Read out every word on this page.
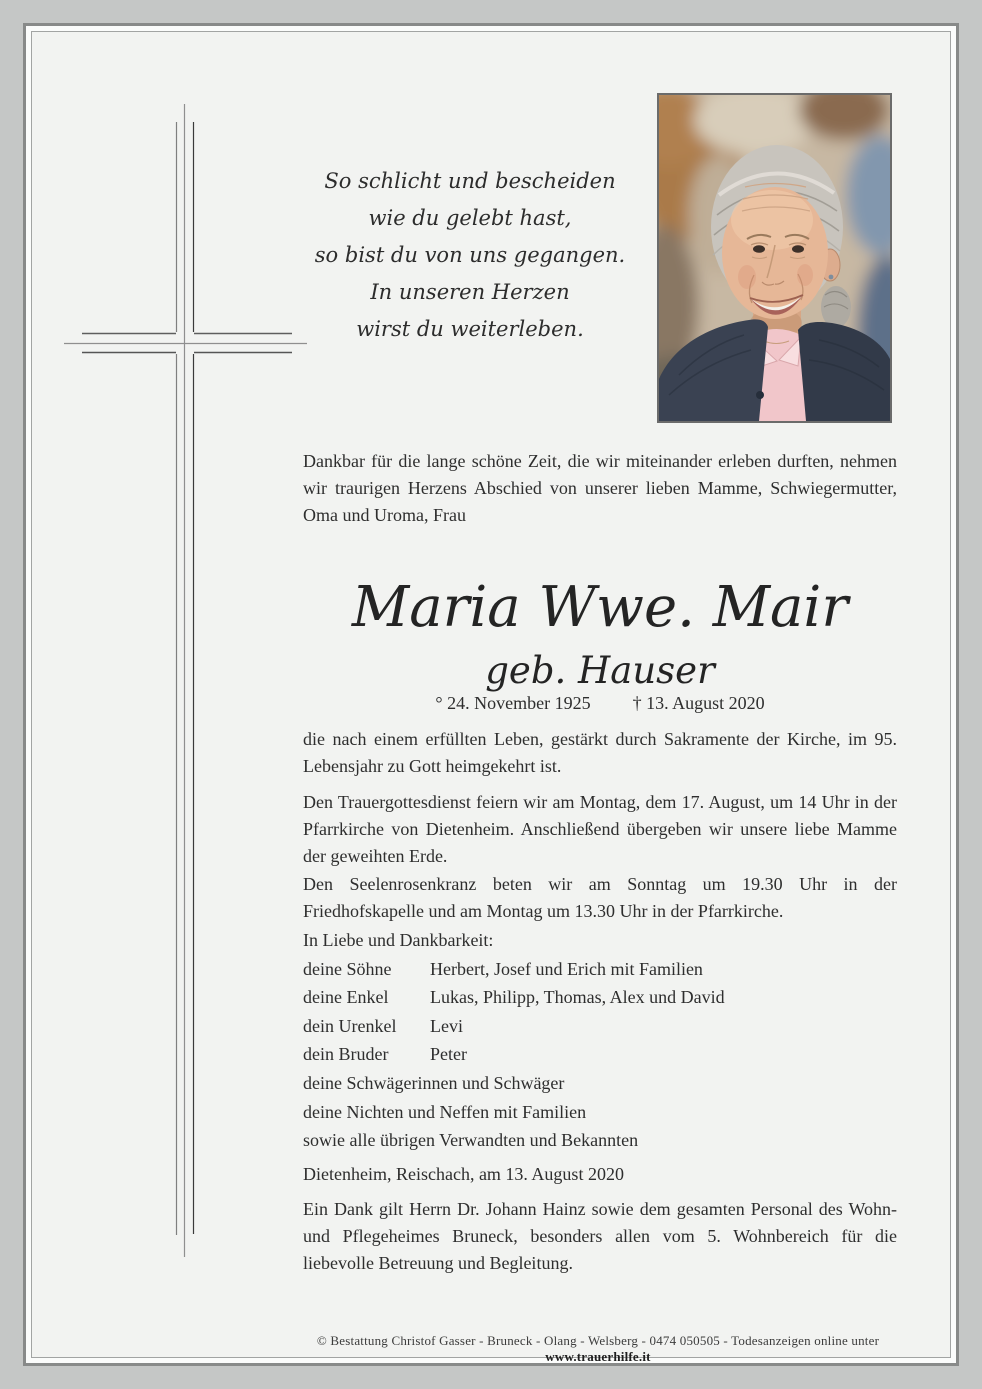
So schlicht und bescheiden
wie du gelebt hast,
so bist du von uns gegangen.
In unseren Herzen
wirst du weiterleben.
Dankbar für die lange schöne Zeit, die wir miteinander erleben durften, nehmen wir traurigen Herzens Abschied von unserer lieben Mamme, Schwiegermutter, Oma und Uroma, Frau
Maria Wwe. Mair
geb. Hauser
° 24. November 1925 † 13. August 2020
die nach einem erfüllten Leben, gestärkt durch Sakramente der Kirche, im 95. Lebensjahr zu Gott heimgekehrt ist.
Den Trauergottesdienst feiern wir am Montag, dem 17. August, um 14 Uhr in der Pfarrkirche von Dietenheim. Anschließend übergeben wir unsere liebe Mamme der geweihten Erde.
Den Seelenrosenkranz beten wir am Sonntag um 19.30 Uhr in der Friedhofskapelle und am Montag um 13.30 Uhr in der Pfarrkirche.
In Liebe und Dankbarkeit:
deine Söhne	Herbert, Josef und Erich mit Familien
deine Enkel	Lukas, Philipp, Thomas, Alex und David
dein Urenkel	Levi
dein Bruder	Peter
deine Schwägerinnen und Schwäger
deine Nichten und Neffen mit Familien
sowie alle übrigen Verwandten und Bekannten
Dietenheim, Reischach, am 13. August 2020
Ein Dank gilt Herrn Dr. Johann Hainz sowie dem gesamten Personal des Wohn- und Pflegeheimes Bruneck, besonders allen vom 5. Wohnbereich für die liebevolle Betreuung und Begleitung.
© Bestattung Christof Gasser - Bruneck - Olang - Welsberg - 0474 050505 - Todesanzeigen online unter www.trauerhilfe.it
